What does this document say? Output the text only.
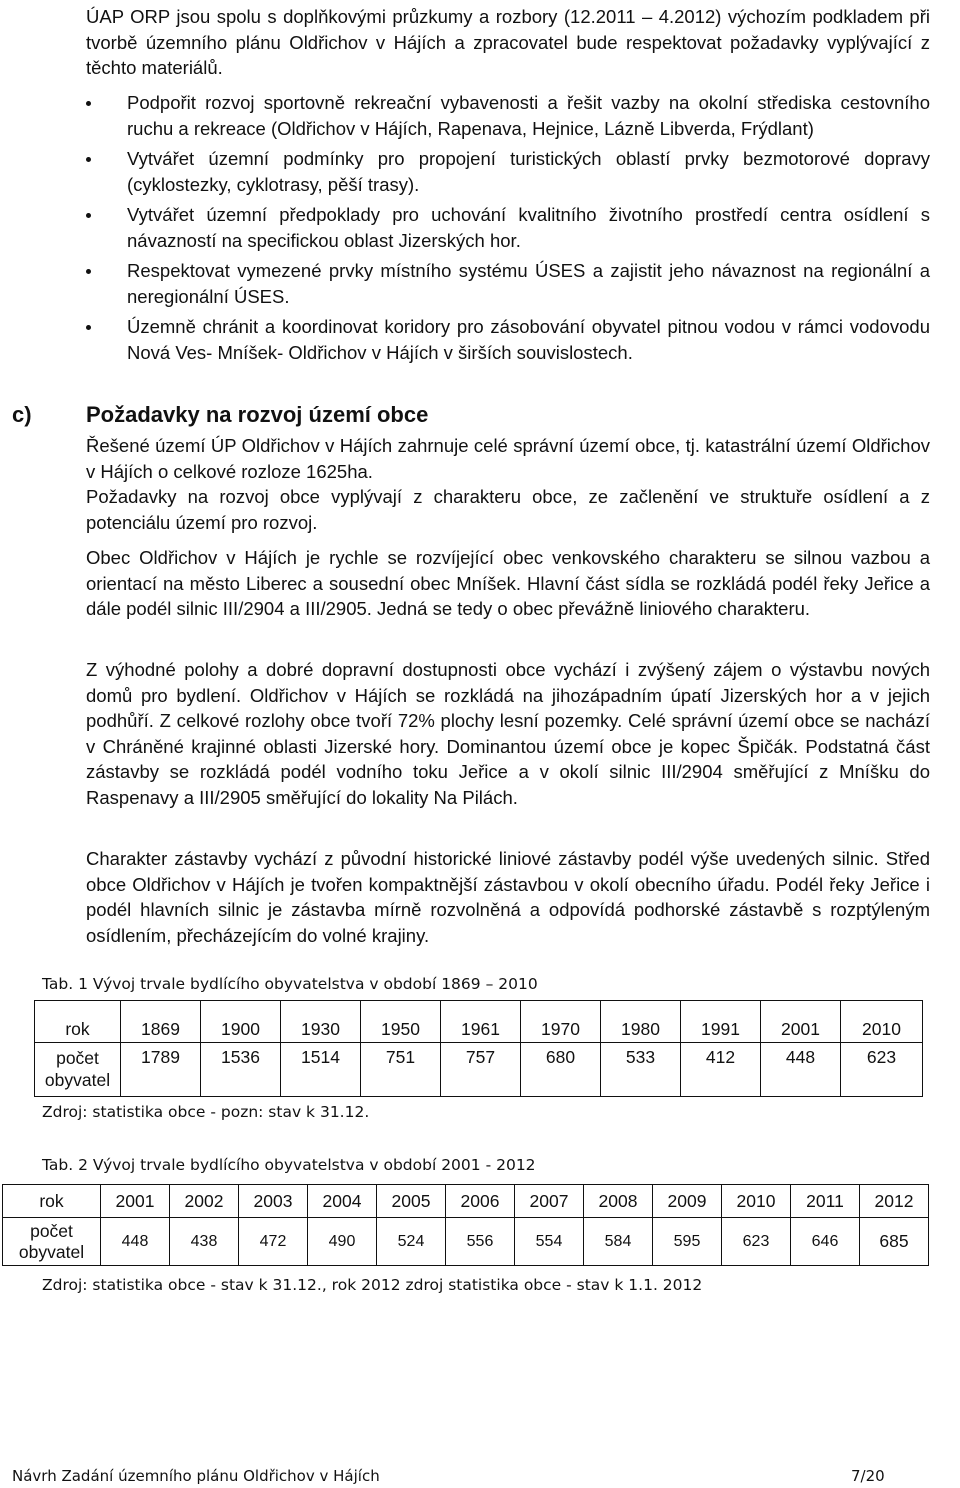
ÚAP ORP jsou spolu s doplňkovými průzkumy a rozbory (12.2011 – 4.2012) výchozím podkladem při tvorbě územního plánu Oldřichov v Hájích a zpracovatel bude respektovat požadavky vyplývající z těchto materiálů.

Podpořit rozvoj sportovně rekreační vybavenosti a řešit vazby na okolní střediska cestovního ruchu a rekreace (Oldřichov v Hájích, Rapenava, Hejnice, Lázně Libverda, Frýdlant)
Vytvářet územní podmínky pro propojení turistických oblastí prvky bezmotorové dopravy (cyklostezky, cyklotrasy, pěší trasy).
Vytvářet územní předpoklady pro uchování kvalitního životního prostředí centra osídlení s návazností na specifickou oblast Jizerských hor.
Respektovat vymezené prvky místního systému ÚSES a zajistit jeho návaznost na regionální a neregionální ÚSES.
Územně chránit a koordinovat koridory pro zásobování obyvatel pitnou vodou v rámci vodovodu Nová Ves- Mníšek- Oldřichov v Hájích v širších souvislostech.
c) Požadavky na rozvoj území obce

Řešené území ÚP Oldřichov v Hájích zahrnuje celé správní území obce, tj. katastrální území Oldřichov v Hájích o celkové rozloze 1625ha.

Požadavky na rozvoj obce vyplývají z charakteru obce, ze začlenění ve struktuře osídlení a z potenciálu území pro rozvoj.

Obec Oldřichov v Hájích je rychle se rozvíjející obec venkovského charakteru se silnou vazbou a orientací na město Liberec a sousední obec Mníšek. Hlavní část sídla se rozkládá podél řeky Jeřice a dále podél silnic III/2904 a III/2905. Jedná se tedy o obec převážně liniového charakteru.

Z výhodné polohy a dobré dopravní dostupnosti obce vychází i zvýšený zájem o výstavbu nových domů pro bydlení. Oldřichov v Hájích se rozkládá na jihozápadním úpatí Jizerských hor a v jejich podhůří. Z celkové rozlohy obce tvoří 72% plochy lesní pozemky. Celé správní území obce se nachází v Chráněné krajinné oblasti Jizerské hory. Dominantou území obce je kopec Špičák. Podstatná část zástavby se rozkládá podél vodního toku Jeřice a v okolí silnic III/2904 směřující z Mníšku do Raspenavy a III/2905 směřující do lokality Na Pilách.

Charakter zástavby vychází z původní historické liniové zástavby podél výše uvedených silnic. Střed obce Oldřichov v Hájích je tvořen kompaktnější zástavbou v okolí obecního úřadu. Podél řeky Jeřice i podél hlavních silnic je zástavba mírně rozvolněná a odpovídá podhorské zástavbě s rozptýleným osídlením, přecházejícím do volné krajiny.

Tab. 1 Vývoj trvale bydlícího obyvatelstva v období 1869 – 2010

rok	1869	1900	1930	1950	1961	1970	1980	1991	2001	2010
počet obyvatel	1789	1536	1514	751	757	680	533	412	448	623

Zdroj: statistika obce - pozn: stav k 31.12.

Tab. 2 Vývoj trvale bydlícího obyvatelstva v období 2001 - 2012

rok	2001	2002	2003	2004	2005	2006	2007	2008	2009	2010	2011	2012
počet obyvatel	448	438	472	490	524	556	554	584	595	623	646	685

Zdroj: statistika obce - stav k 31.12., rok 2012 zdroj statistika obce - stav k 1.1. 2012

Návrh Zadání územního plánu Oldřichov v Hájích	7/20
